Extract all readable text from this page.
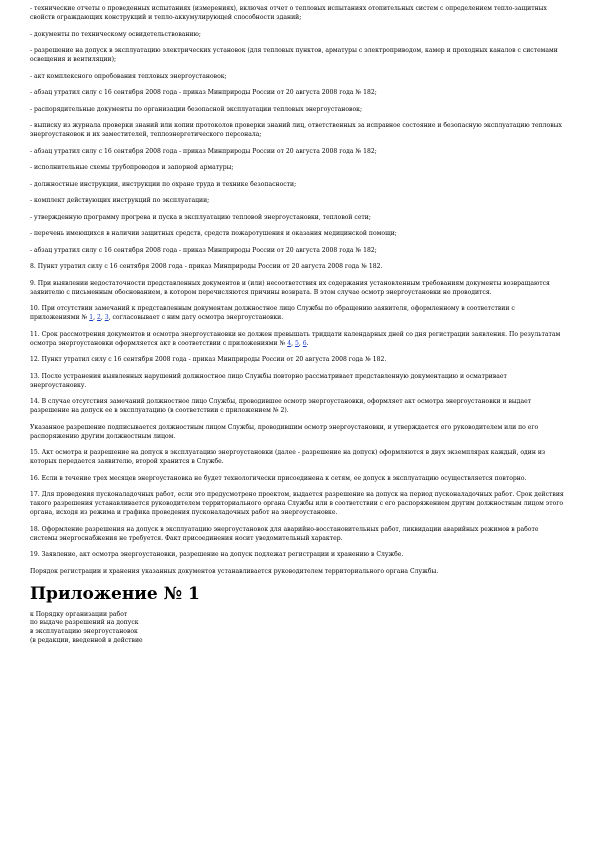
- технические отчеты о проведенных испытаниях (измерениях), включая отчет о тепловых испытаниях отопительных систем с определением тепло-защитных свойств ограждающих конструкций и тепло-аккумулирующей способности зданий;

- документы по техническому освидетельствованию;

- разрешение на допуск в эксплуатацию электрических установок (для тепловых пунктов, арматуры с электроприводом, камер и проходных каналов с системами освещения и вентиляции);

- акт комплексного опробования тепловых энергоустановок;

- абзац утратил силу с 16 сентября 2008 года - приказ Минприроды России от 20 августа 2008 года № 182;

- распорядительные документы по организации безопасной эксплуатации тепловых энергоустановок;

- выписку из журнала проверки знаний или копии протоколов проверки знаний лиц, ответственных за исправное состояние и безопасную эксплуатацию тепловых энергоустановок и их заместителей, теплоэнергетического персонала;

- абзац утратил силу с 16 сентября 2008 года - приказ Минприроды России от 20 августа 2008 года № 182;

- исполнительные схемы трубопроводов и запорной арматуры;

- должностные инструкции, инструкции по охране труда и технике безопасности;

- комплект действующих инструкций по эксплуатации;

- утвержденную программу прогрева и пуска в эксплуатацию тепловой энергоустановки, тепловой сети;

- перечень имеющихся в наличии защитных средств, средств пожаротушения и оказания медицинской помощи;

- абзац утратил силу с 16 сентября 2008 года - приказ Минприроды России от 20 августа 2008 года № 182;

8. Пункт утратил силу с 16 сентября 2008 года - приказ Минприроды России от 20 августа 2008 года № 182.

9. При выявлении недостаточности представленных документов и (или) несоответствия их содержания установленным требованиям документы возвращаются заявителю с письменным обоснованием, в котором перечисляются причины возврата. В этом случае осмотр энергоустановки не проводится.

10. При отсутствии замечаний к представленным документам должностное лицо Службы по обращению заявителя, оформленному в соответствии с приложениями № 1, 2, 3, согласовывает с ним дату осмотра энергоустановки.

11. Срок рассмотрения документов и осмотра энергоустановки не должен превышать тридцати календарных дней со дня регистрации заявления. По результатам осмотра энергоустановки оформляется акт в соответствии с приложениями № 4, 5, 6.

12. Пункт утратил силу с 16 сентября 2008 года - приказ Минприроды России от 20 августа 2008 года № 182.

13. После устранения выявленных нарушений должностное лицо Службы повторно рассматривает представленную документацию и осматривает энергоустановку.

14. В случае отсутствия замечаний должностное лицо Службы, проводившее осмотр энергоустановки, оформляет акт осмотра энергоустановки и выдает разрешение на допуск ее в эксплуатацию (в соответствии с приложением № 2).

Указанное разрешение подписывается должностным лицом Службы, проводившим осмотр энергоустановки, и утверждается его руководителем или по его распоряжению другим должностным лицом.

15. Акт осмотра и разрешение на допуск в эксплуатацию энергоустановки (далее - разрешение на допуск) оформляются в двух экземплярах каждый, один из которых передается заявителю, второй хранится в Службе.

16. Если в течение трех месяцев энергоустановка не будет технологически присоединена к сетям, ее допуск в эксплуатацию осуществляется повторно.

17. Для проведения пусконаладочных работ, если это предусмотрено проектом, выдается разрешение на допуск на период пусконаладочных работ. Срок действия такого разрешения устанавливается руководителем территориального органа Службы или в соответствии с его распоряжением другим должностным лицом этого органа, исходя из режима и графика проведения пусконаладочных работ на энергоустановке.

18. Оформление разрешения на допуск в эксплуатацию энергоустановок для аварийно-восстановительных работ, ликвидации аварийных режимов в работе системы энергоснабжения не требуется. Факт присоединения носит уведомительный характер.

19. Заявление, акт осмотра энергоустановки, разрешение на допуск подлежат регистрации и хранению в Службе.

Порядок регистрации и хранения указанных документов устанавливается руководителем территориального органа Службы.

Приложение № 1
к Порядку организации работ
по выдаче разрешений на допуск
в эксплуатацию энергоустановок
(в редакции, введенной в действие
